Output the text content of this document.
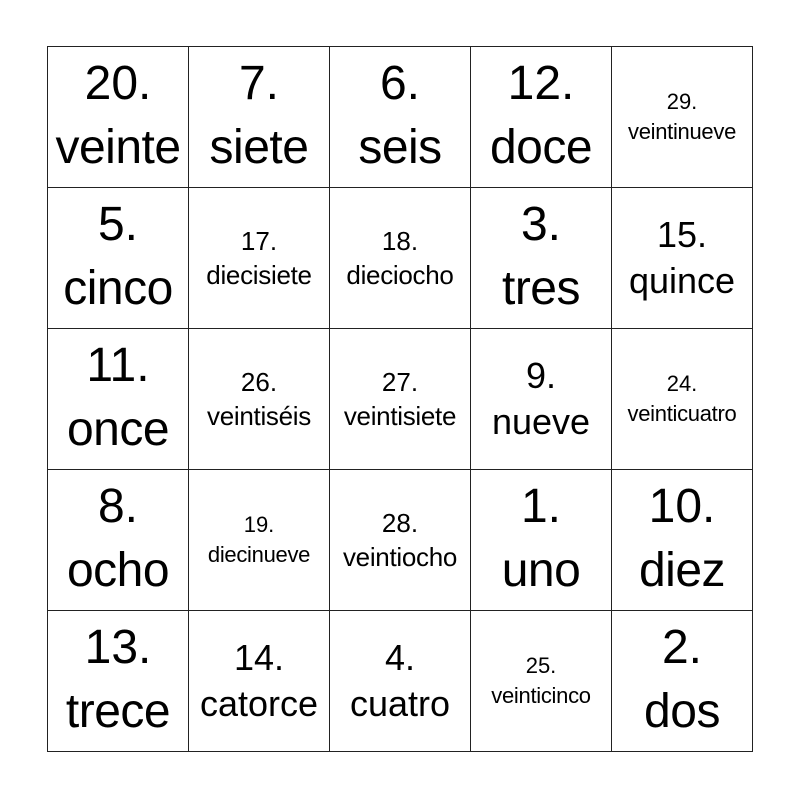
20.
veinte
7.
siete
6.
seis
12.
doce
29.
veintinueve
5.
cinco
17.
diecisiete
18.
dieciocho
3.
tres
15.
quince
11.
once
26.
veintiséis
27.
veintisiete
9.
nueve
24.
veinticuatro
8.
ocho
19.
diecinueve
28.
veintiocho
1.
uno
10.
diez
13.
trece
14.
catorce
4.
cuatro
25.
veinticinco
2.
dos
